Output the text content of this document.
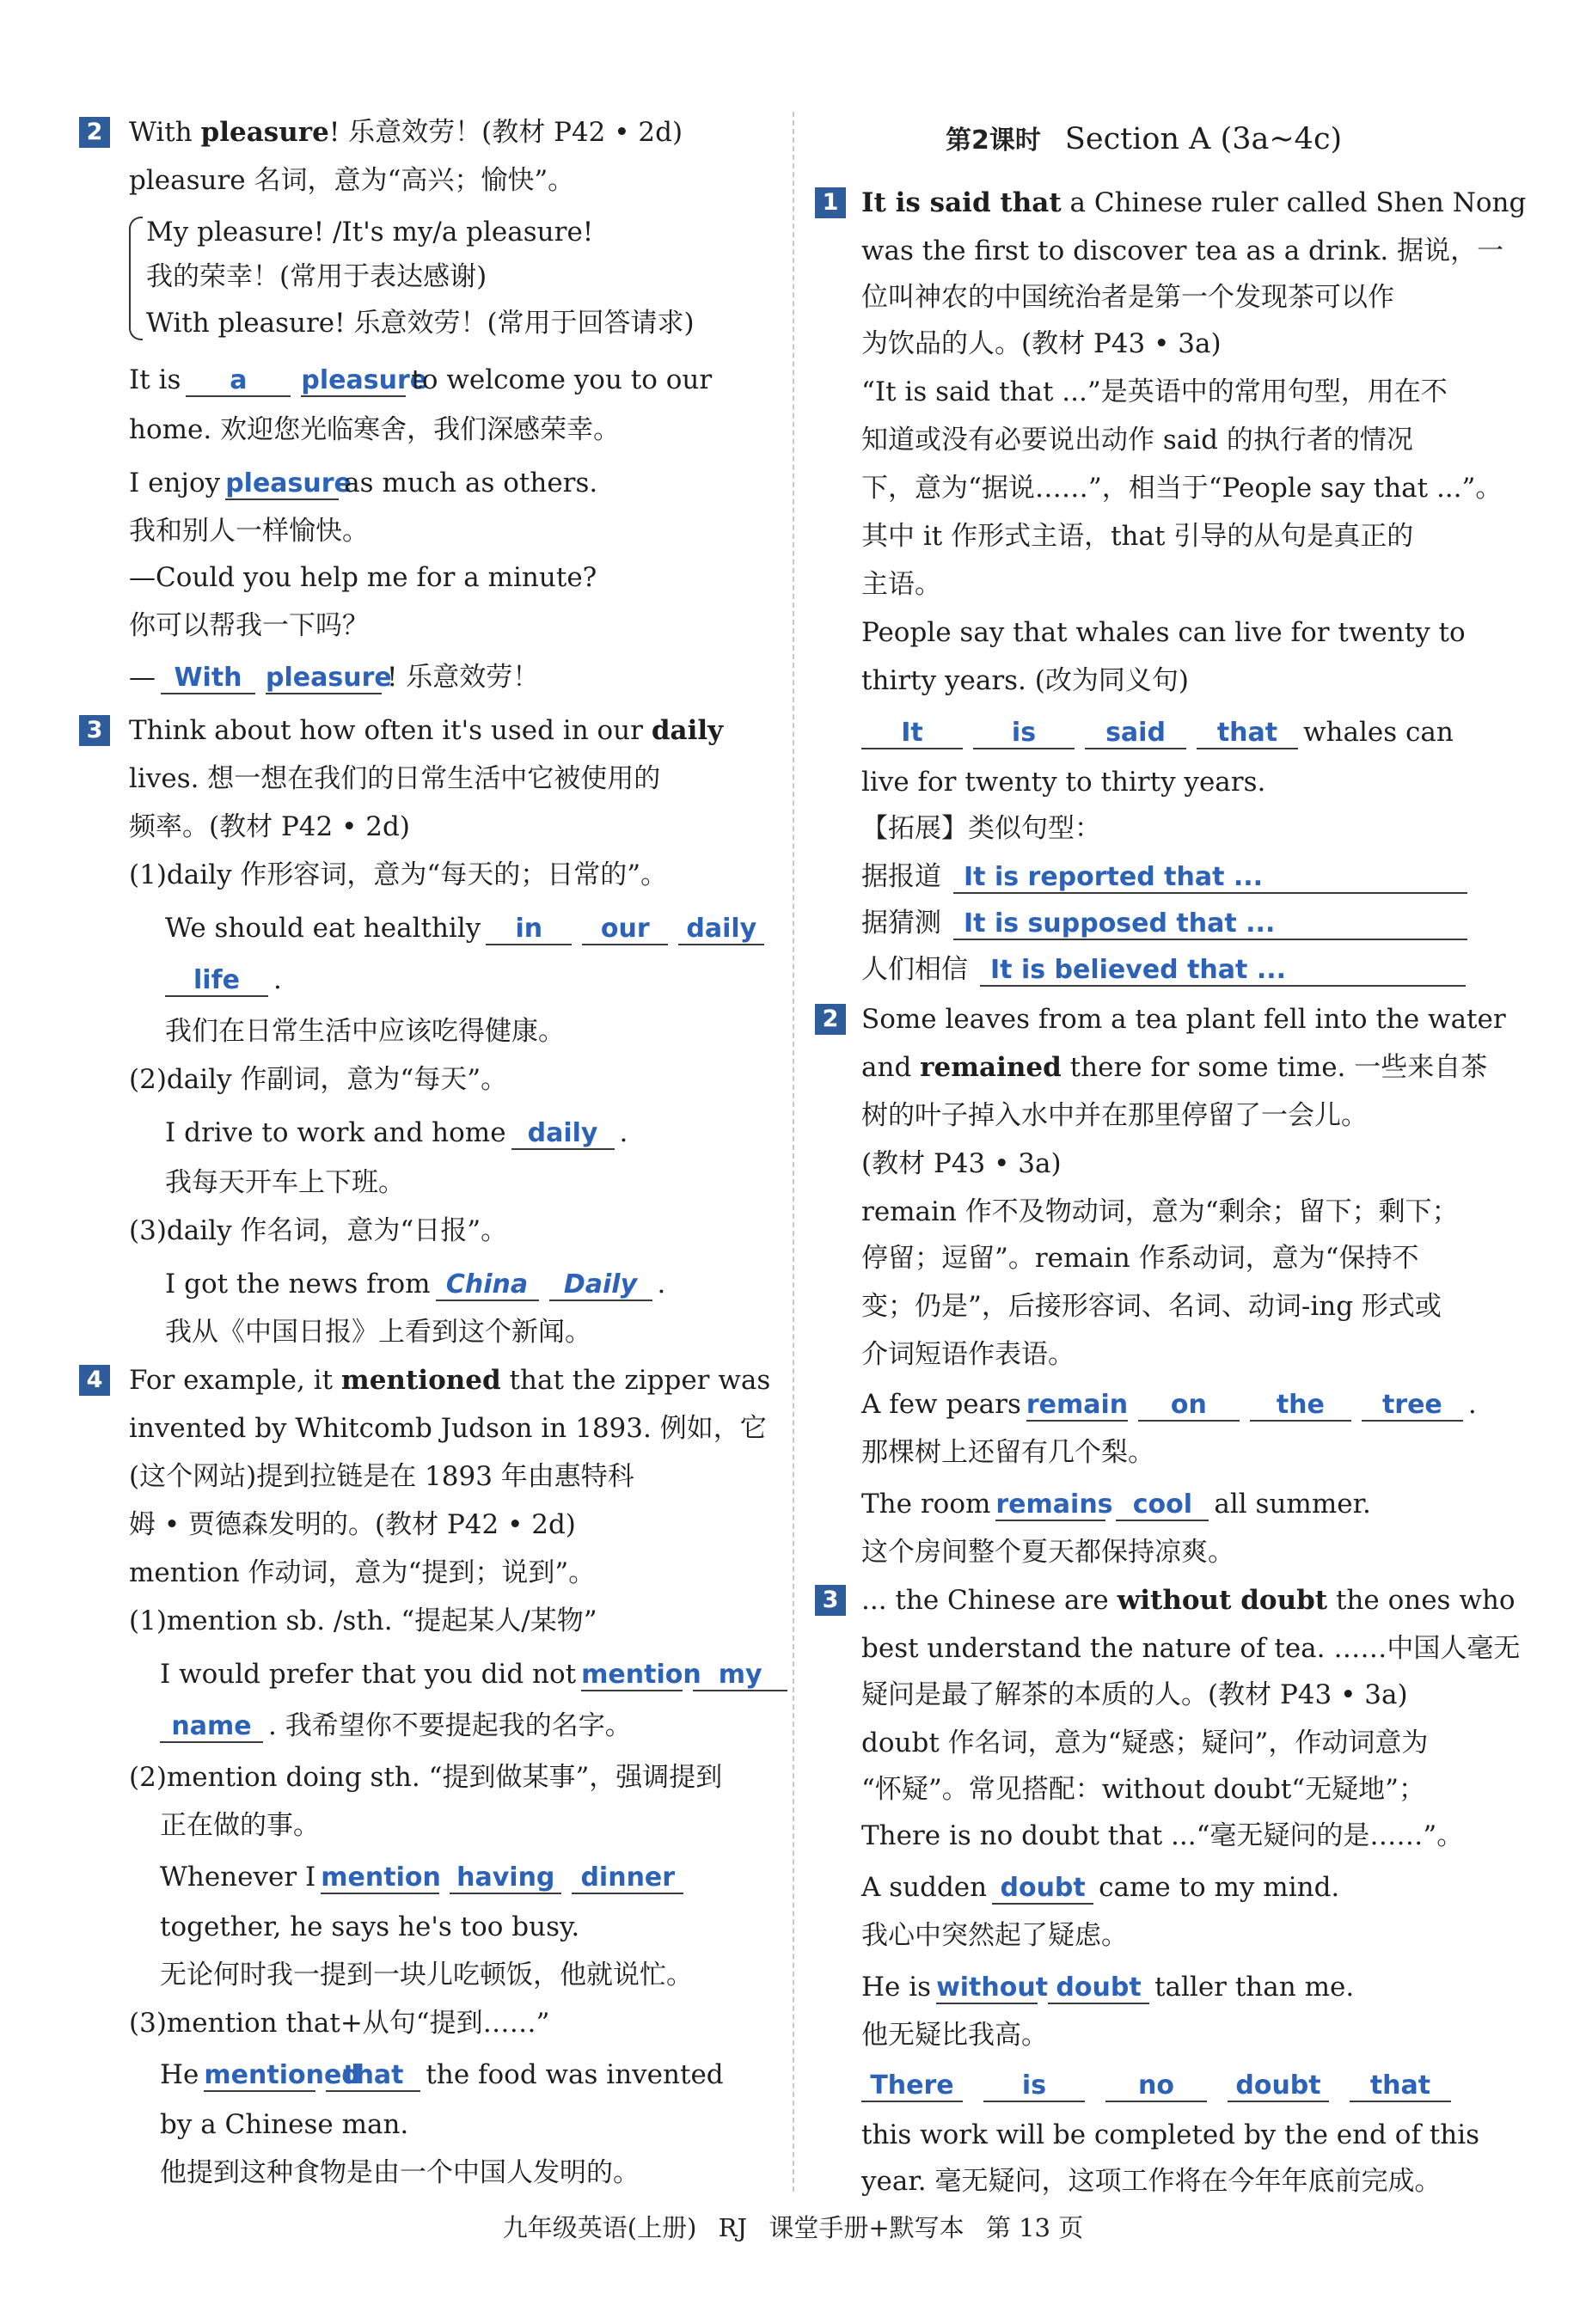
第2课时 Section A (3a~4c)
2 With pleasure! 乐意效劳！(教材 P42 • 2d)
pleasure 名词，意为“高兴；愉快”。
My pleasure! /It's my/a pleasure!
我的荣幸！(常用于表达感谢)
With pleasure! 乐意效劳！(常用于回答请求)
It is a pleasureto welcome you to our
home. 欢迎您光临寒舍，我们深感荣幸。
I enjoy pleasureas much as others.
我和别人一样愉快。
—Could you help me for a minute?
你可以帮我一下吗？
— With pleasure! 乐意效劳！
3 Think about how often it's used in our daily
lives. 想一想在我们的日常生活中它被使用的
频率。(教材 P42 • 2d)
(1)daily 作形容词，意为“每天的；日常的”。
We should eat healthily in our daily
life .
我们在日常生活中应该吃得健康。
(2)daily 作副词，意为“每天”。
I drive to work and home daily .
我每天开车上下班。
(3)daily 作名词，意为“日报”。
I got the news from China Daily .
我从《中国日报》上看到这个新闻。
4 For example, it mentioned that the zipper was
invented by Whitcomb Judson in 1893. 例如，它
(这个网站)提到拉链是在 1893 年由惠特科
姆 • 贾德森发明的。(教材 P42 • 2d)
mention 作动词，意为“提到；说到”。
(1)mention sb. /sth. “提起某人/某物”
I would prefer that you did not mention my
name . 我希望你不要提起我的名字。
(2)mention doing sth. “提到做某事”，强调提到
正在做的事。
Whenever I mention having dinner
together, he says he's too busy.
无论何时我一提到一块儿吃顿饭，他就说忙。
(3)mention that+从句“提到……”
He mentionedthat the food was invented
by a Chinese man.
他提到这种食物是由一个中国人发明的。
1 It is said that a Chinese ruler called Shen Nong
was the first to discover tea as a drink. 据说，一
位叫神农的中国统治者是第一个发现茶可以作
为饮品的人。(教材 P43 • 3a)
“It is said that ...”是英语中的常用句型，用在不
知道或没有必要说出动作 said 的执行者的情况
下，意为“据说……”，相当于“People say that ...”。
其中 it 作形式主语，that 引导的从句是真正的
主语。
People say that whales can live for twenty to
thirty years. (改为同义句)
It	is	said that whales can
live for twenty to thirty years.
【拓展】类似句型：
据报道 It is reported that ...
据猜测 It is supposed that ...
人们相信 It is believed that ...
2 Some leaves from a tea plant fell into the water
and remained there for some time. 一些来自茶
树的叶子掉入水中并在那里停留了一会儿。
(教材 P43 • 3a)
remain 作不及物动词，意为“剩余；留下；剩下；
停留；逗留”。remain 作系动词，意为“保持不
变；仍是”，后接形容词、名词、动词-ing 形式或
介词短语作表语。
A few pears remain on	the tree .
那棵树上还留有几个梨。
The room remains cool all summer.
这个房间整个夏天都保持凉爽。
3 ... the Chinese are without doubt the ones who
best understand the nature of tea. ……中国人毫无
疑问是最了解茶的本质的人。(教材 P43 • 3a)
doubt 作名词，意为“疑惑；疑问”，作动词意为
“怀疑”。常见搭配：without doubt“无疑地”；
There is no doubt that ...“毫无疑问的是……”。
A sudden doubt came to my mind.
我心中突然起了疑虑。
He is without doubt taller than me.
他无疑比我高。
There	is	no doubt that
this work will be completed by the end of this
year. 毫无疑问，这项工作将在今年年底前完成。
九年级英语(上册) RJ 课堂手册+默写本 第 13 页
